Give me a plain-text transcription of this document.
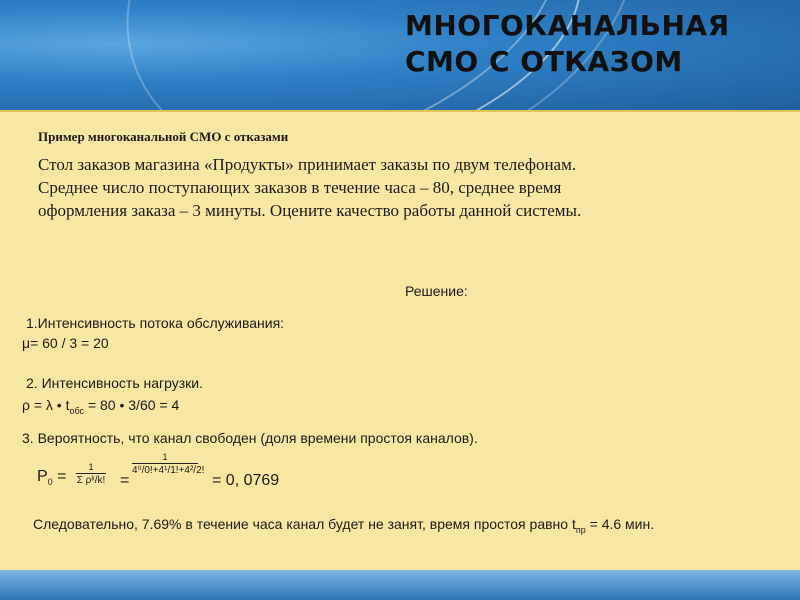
МНОГОКАНАЛЬНАЯ
СМО С ОТКАЗОМ
Пример многоканальной СМО с отказами
Стол заказов магазина «Продукты» принимает заказы по двум телефонам.
Среднее число поступающих заказов в течение часа – 80, среднее время
оформления заказа – 3 минуты. Оцените качество работы данной системы.
Решение:
1.Интенсивность потока обслуживания:
μ= 60 / 3 = 20
2. Интенсивность нагрузки.
ρ = λ • $t_{обс} = 80$ • 3/60 = 4
3. Вероятность, что канал свободен (доля времени простоя каналов).
$P_0$ =
1
Σ ρᵏ/k! =
1
4⁰/0!+4¹/1!+4²/2!
= 0, 0769
Следовательно, 7.69% в течение часа канал будет не занят, время простоя равно $t_{пр} = 4.6$ мин.
